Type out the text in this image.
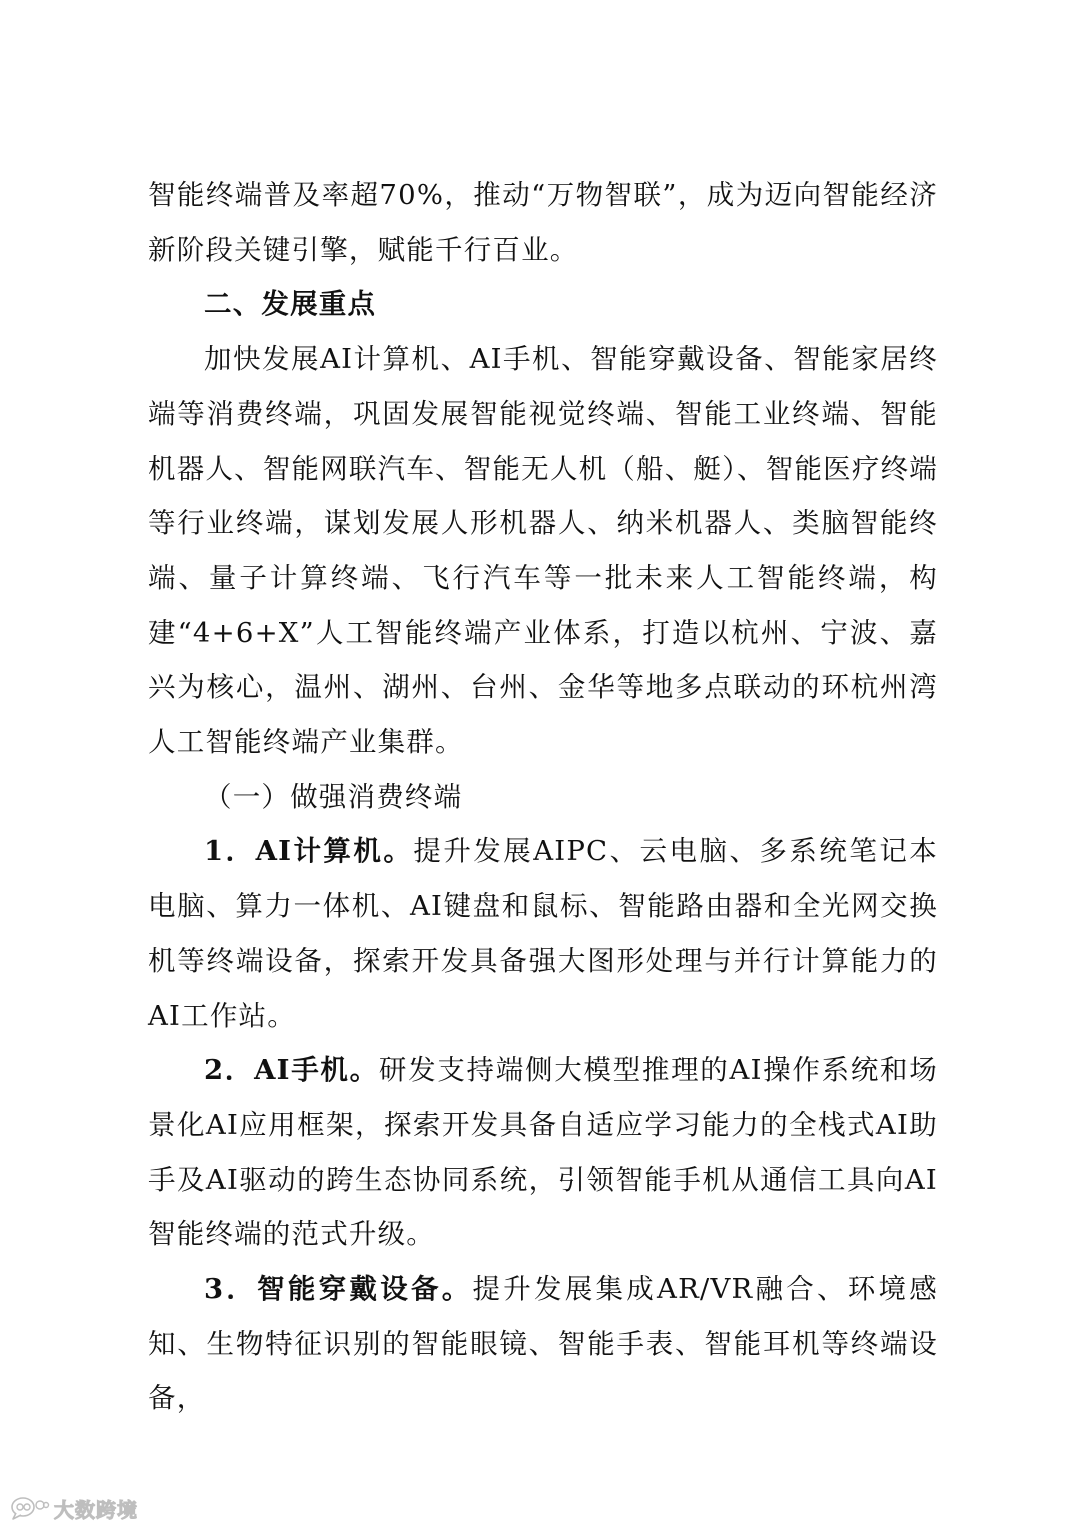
智能终端普及率超70%，推动“万物智联”，成为迈向智能经济新阶段关键引擎，赋能千行百业。

二、发展重点

加快发展AI计算机、AI手机、智能穿戴设备、智能家居终端等消费终端，巩固发展智能视觉终端、智能工业终端、智能机器人、智能网联汽车、智能无人机（船、艇）、智能医疗终端等行业终端，谋划发展人形机器人、纳米机器人、类脑智能终端、量子计算终端、飞行汽车等一批未来人工智能终端，构建“4+6+X”人工智能终端产业体系，打造以杭州、宁波、嘉兴为核心，温州、湖州、台州、金华等地多点联动的环杭州湾人工智能终端产业集群。

（一）做强消费终端

1．AI计算机。提升发展AIPC、云电脑、多系统笔记本电脑、算力一体机、AI键盘和鼠标、智能路由器和全光网交换机等终端设备，探索开发具备强大图形处理与并行计算能力的AI工作站。

2．AI手机。研发支持端侧大模型推理的AI操作系统和场景化AI应用框架，探索开发具备自适应学习能力的全栈式AI助手及AI驱动的跨生态协同系统，引领智能手机从通信工具向AI智能终端的范式升级。

3．智能穿戴设备。提升发展集成AR/VR融合、环境感知、生物特征识别的智能眼镜、智能手表、智能耳机等终端设备，

大数跨境
